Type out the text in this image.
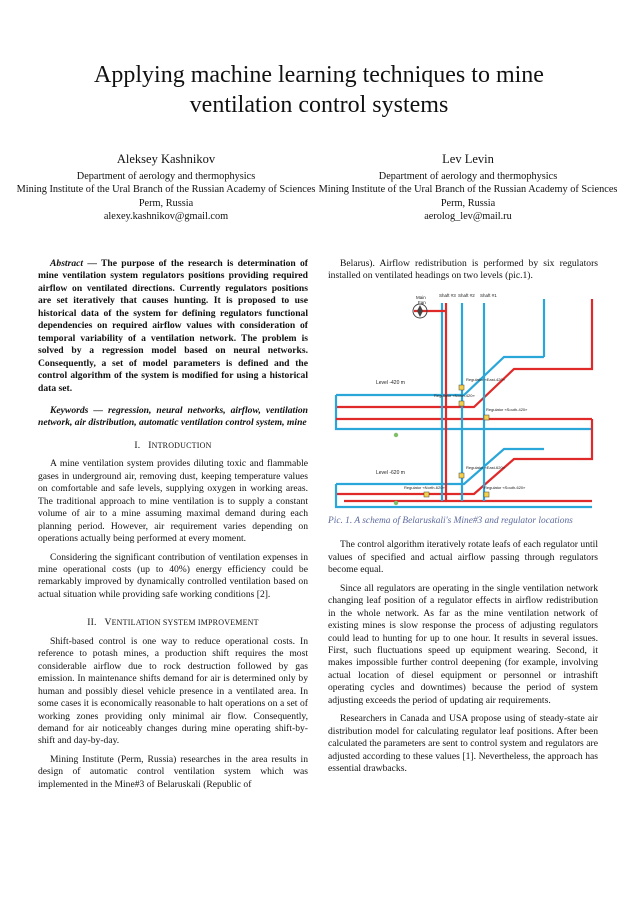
Applying machine learning techniques to mine ventilation control systems
Aleksey Kashnikov
Department of aerology and thermophysics
Mining Institute of the Ural Branch of the Russian Academy of Sciences
Perm, Russia
alexey.kashnikov@gmail.com
Lev Levin
Department of aerology and thermophysics
Mining Institute of the Ural Branch of the Russian Academy of Sciences
Perm, Russia
aerolog_lev@mail.ru

Abstract — The purpose of the research is determination of mine ventilation system regulators positions providing required airflow on ventilated directions. Currently regulators positions are set iteratively that causes hunting. It is proposed to use historical data of the system for defining regulators functional dependencies on required airflow values with consideration of temporal variability of a ventilation network. The problem is solved by a regression model based on neural networks. Consequently, a set of model parameters is defined and the control algorithm of the system is modified for using a historical data set.

Keywords — regression, neural networks, airflow, ventilation network, air distribution, automatic ventilation control system, mine

I. INTRODUCTION

A mine ventilation system provides diluting toxic and flammable gases in underground air, removing dust, keeping temperature values on comfortable and safe levels, supplying oxygen in working areas. The traditional approach to mine ventilation is to supply a constant volume of air to a mine assuming maximal demand during each planning period. However, air requirement varies depending on operations actually being performed at every moment.

Considering the significant contribution of ventilation expenses in mine operational costs (up to 40%) energy efficiency could be remarkably improved by dynamically controlled ventilation based on actual situation while providing safe working conditions [2].

II. VENTILATION SYSTEM IMPROVEMENT

Shift-based control is one way to reduce operational costs. In reference to potash mines, a production shift requires the most considerable airflow due to rock destruction followed by gas emission. In maintenance shifts demand for air is determined only by human and possibly diesel vehicle presence in a ventilated area. In some cases it is economically reasonable to halt operations on a set of working zones providing only minimal air flow. Consequently, demand for air noticeably changes during mine operating shift-by-shift and day-by-day.

Mining Institute (Perm, Russia) researches in the area results in design of automatic control ventilation system which was implemented in the Mine#3 of Belaruskali (Republic of

Belarus). Airflow redistribution is performed by six regulators installed on ventilated headings on two levels (pic.1).

Main
Fan
Shaft #3 Shaft #2 Shaft #1
Level -420 m
Level -620 m
Regulator «East-420»
Regulator «North-420»
Regulator «South-420»
Regulator «East-620»
Regulator «North-620»	Regulator «South-620»
Pic. 1. A schema of Belaruskali's Mine#3 and regulator locations

The control algorithm iteratively rotate leafs of each regulator until values of specified and actual airflow passing through regulators become equal.

Since all regulators are operating in the single ventilation network changing leaf position of a regulator effects in airflow redistribution in the whole network. As far as the mine ventilation network of existing mines is slow response the process of adjusting regulators could lead to hunting for up to one hour. It results in several issues. First, such fluctuations speed up equipment wearing. Second, it makes impossible further control deepening (for example, involving actual location of diesel equipment or personnel or intrashift operating cycles and downtimes) because the period of system adjusting exceeds the period of updating air requirements.

Researchers in Canada and USA propose using of steady-state air distribution model for calculating regulator leaf positions. After been calculated the parameters are sent to control system and regulators are adjusted according to these values [1]. Nevertheless, the approach has essential drawbacks.
